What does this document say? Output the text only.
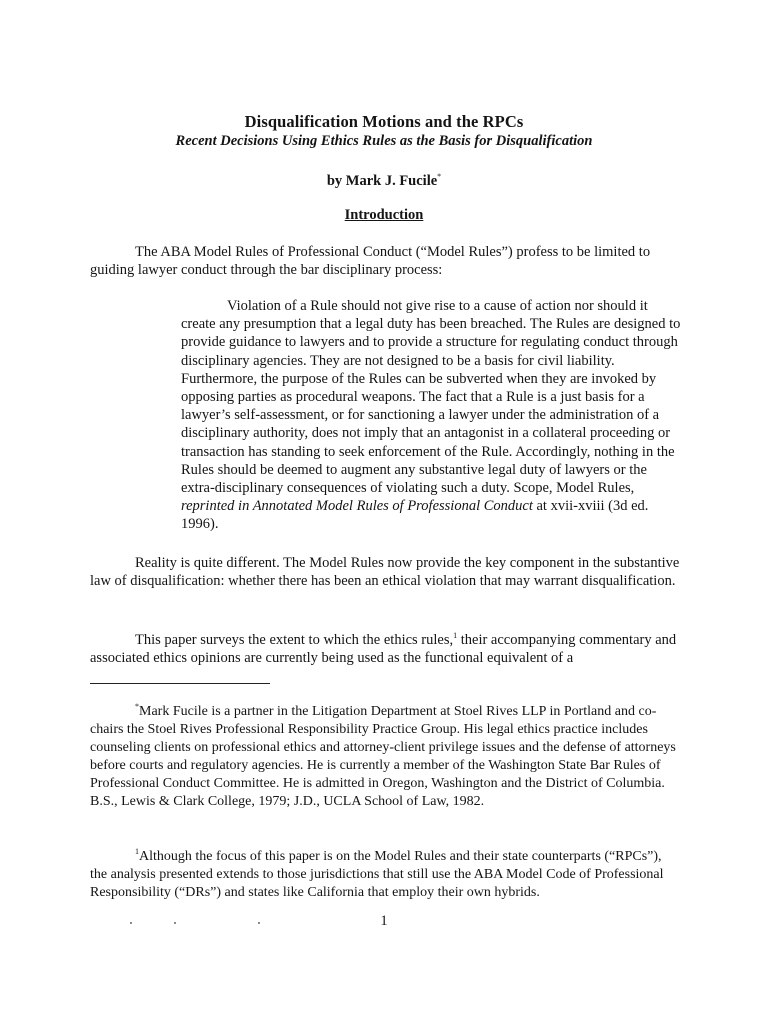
Disqualification Motions and the RPCs
Recent Decisions Using Ethics Rules as the Basis for Disqualification
by Mark J. Fucile*
Introduction
The ABA Model Rules of Professional Conduct (“Model Rules”) profess to be limited to guiding lawyer conduct through the bar disciplinary process:
Violation of a Rule should not give rise to a cause of action nor should it create any presumption that a legal duty has been breached. The Rules are designed to provide guidance to lawyers and to provide a structure for regulating conduct through disciplinary agencies. They are not designed to be a basis for civil liability. Furthermore, the purpose of the Rules can be subverted when they are invoked by opposing parties as procedural weapons. The fact that a Rule is a just basis for a lawyer’s self-assessment, or for sanctioning a lawyer under the administration of a disciplinary authority, does not imply that an antagonist in a collateral proceeding or transaction has standing to seek enforcement of the Rule. Accordingly, nothing in the Rules should be deemed to augment any substantive legal duty of lawyers or the extra-disciplinary consequences of violating such a duty. Scope, Model Rules, reprinted in Annotated Model Rules of Professional Conduct at xvii-xviii (3d ed. 1996).
Reality is quite different. The Model Rules now provide the key component in the substantive law of disqualification: whether there has been an ethical violation that may warrant disqualification.
This paper surveys the extent to which the ethics rules,$^1$ their accompanying commentary and associated ethics opinions are currently being used as the functional equivalent of a
*Mark Fucile is a partner in the Litigation Department at Stoel Rives LLP in Portland and co-chairs the Stoel Rives Professional Responsibility Practice Group. His legal ethics practice includes counseling clients on professional ethics and attorney-client privilege issues and the defense of attorneys before courts and regulatory agencies. He is currently a member of the Washington State Bar Rules of Professional Conduct Committee. He is admitted in Oregon, Washington and the District of Columbia. B.S., Lewis & Clark College, 1979; J.D., UCLA School of Law, 1982.
$^1$Although the focus of this paper is on the Model Rules and their state counterparts (“RPCs”), the analysis presented extends to those jurisdictions that still use the ABA Model Code of Professional Responsibility (“DRs”) and states like California that employ their own hybrids.
1
